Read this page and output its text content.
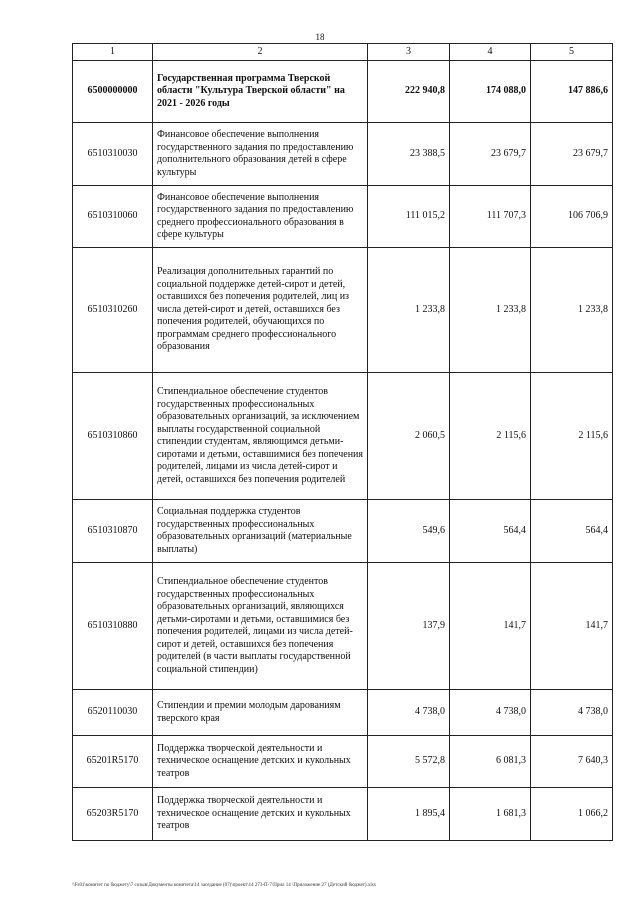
18
1	2	3	4	5
6500000000	Государственная программа Тверской области "Культура Тверской области" на 2021 - 2026 годы	222 940,8	174 088,0	147 886,6
6510310030	Финансовое обеспечение выполнения государственного задания по предоставлению дополнительного образования детей в сфере культуры	23 388,5	23 679,7	23 679,7
6510310060	Финансовое обеспечение выполнения государственного задания по предоставлению среднего профессионального образования в сфере культуры	111 015,2	111 707,3	106 706,9
6510310260	Реализация дополнительных гарантий по социальной поддержке детей-сирот и детей, оставшихся без попечения родителей, лиц из числа детей-сирот и детей, оставшихся без попечения родителей, обучающихся по программам среднего профессионального образования	1 233,8	1 233,8	1 233,8
6510310860	Стипендиальное обеспечение студентов государственных профессиональных образовательных организаций, за исключением выплаты государственной социальной стипендии студентам, являющимся детьми-сиротами и детьми, оставшимися без попечения родителей, лицами из числа детей-сирот и детей, оставшихся без попечения родителей	2 060,5	2 115,6	2 115,6
6510310870	Социальная поддержка студентов государственных профессиональных образовательных организаций (материальные выплаты)	549,6	564,4	564,4
6510310880	Стипендиальное обеспечение студентов государственных профессиональных образовательных организаций, являющихся детьми-сиротами и детьми, оставшимися без попечения родителей, лицами из числа детей-сирот и детей, оставшихся без попечения родителей (в части выплаты государственной социальной стипендии)	137,9	141,7	141,7
6520110030	Стипендии и премии молодым дарованиям тверского края	4 738,0	4 738,0	4 738,0
65201R5170	Поддержка творческой деятельности и техническое оснащение детских и кукольных театров	5 572,8	6 081,3	7 640,3
65203R5170	Поддержка творческой деятельности и техническое оснащение детских и кукольных театров	1 895,4	1 681,3	1 066,2
\\Fs01\комитет по бюджету\7 созыв\Документы комитета\14 заседание (07)\проект\14 273-П-7\Прил 14 \Приложение 27 (Детский бюджет).xlsx
